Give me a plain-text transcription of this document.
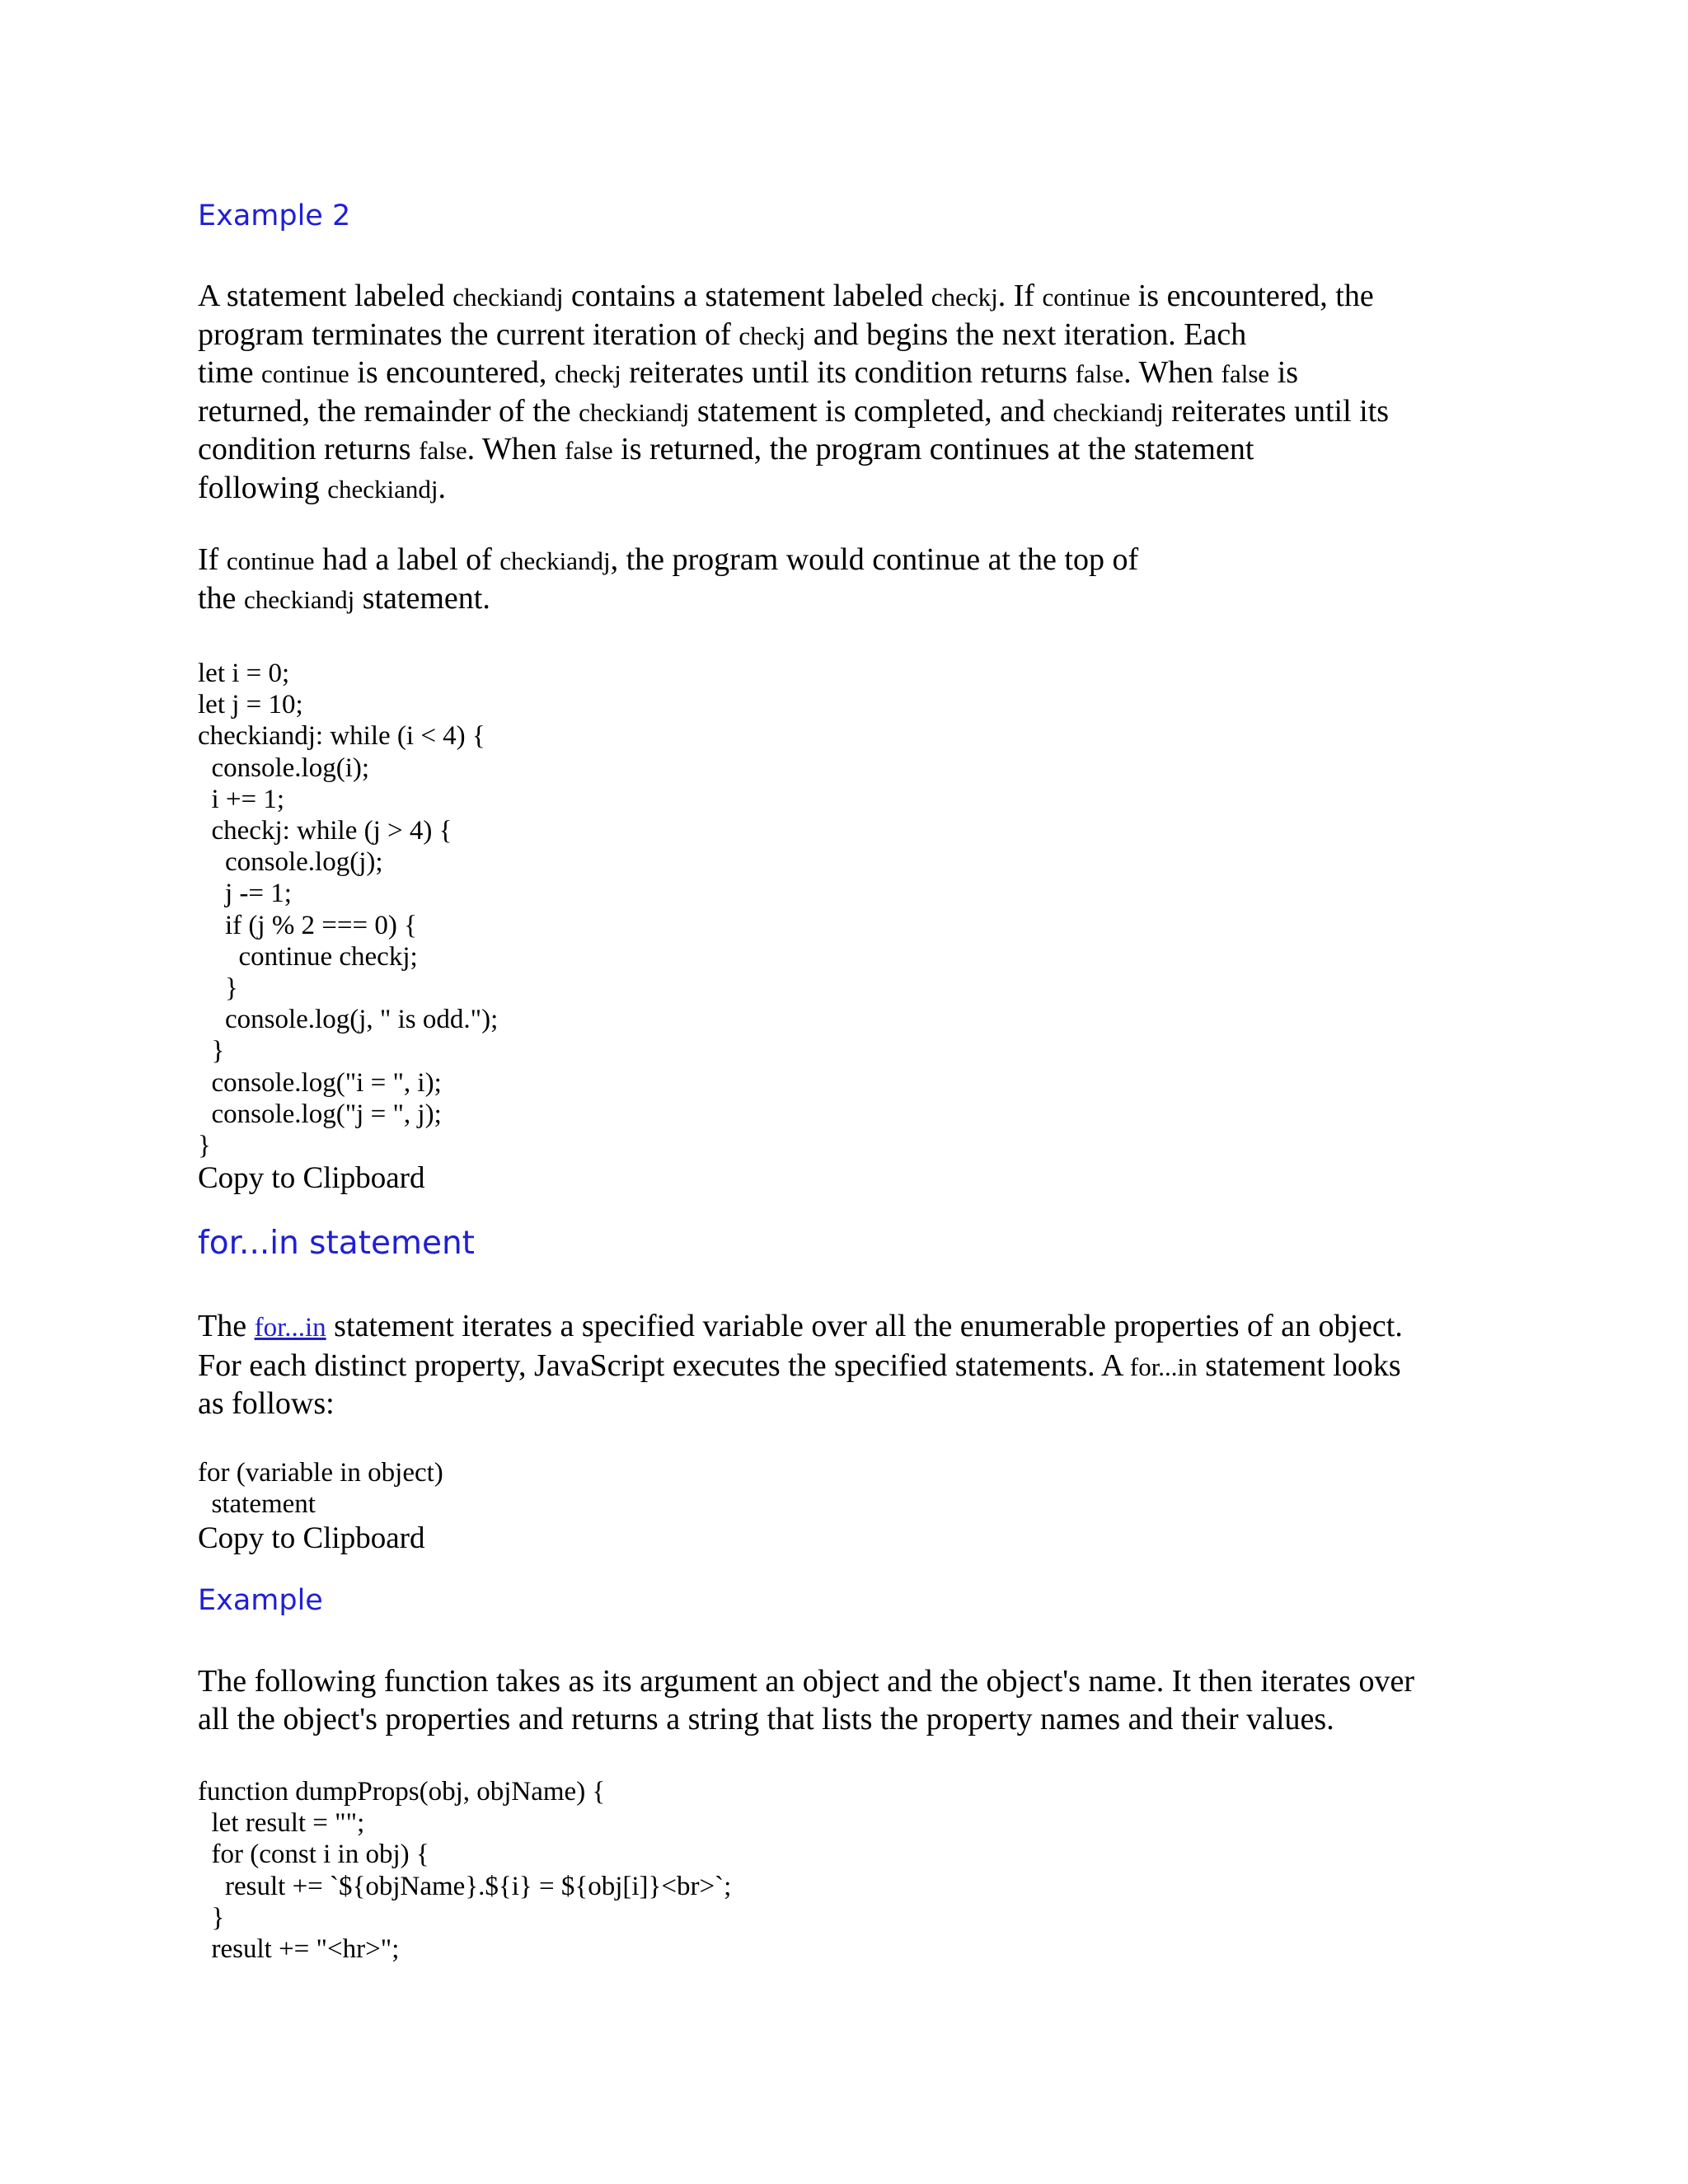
Example 2
A statement labeled checkiandj contains a statement labeled checkj. If continue is encountered, the
program terminates the current iteration of checkj and begins the next iteration. Each
time continue is encountered, checkj reiterates until its condition returns false. When false is
returned, the remainder of the checkiandj statement is completed, and checkiandj reiterates until its
condition returns false. When false is returned, the program continues at the statement
following checkiandj.
If continue had a label of checkiandj, the program would continue at the top of
the checkiandj statement.
let i = 0;
let j = 10;
checkiandj: while (i < 4) {
console.log(i);
i += 1;
checkj: while (j > 4) {
console.log(j);
j -= 1;
if (j % 2 === 0) {
continue checkj;
}
console.log(j, " is odd.");
}
console.log("i = ", i);
console.log("j = ", j);
}
Copy to Clipboard
for...in statement
The for...in statement iterates a specified variable over all the enumerable properties of an object.
For each distinct property, JavaScript executes the specified statements. A for...in statement looks
as follows:
for (variable in object)
statement
Copy to Clipboard
Example
The following function takes as its argument an object and the object's name. It then iterates over
all the object's properties and returns a string that lists the property names and their values.
function dumpProps(obj, objName) {
let result = "";
for (const i in obj) {
result += `${objName}.${i} = ${obj[i]}<br>`;
}
result += "<hr>";
